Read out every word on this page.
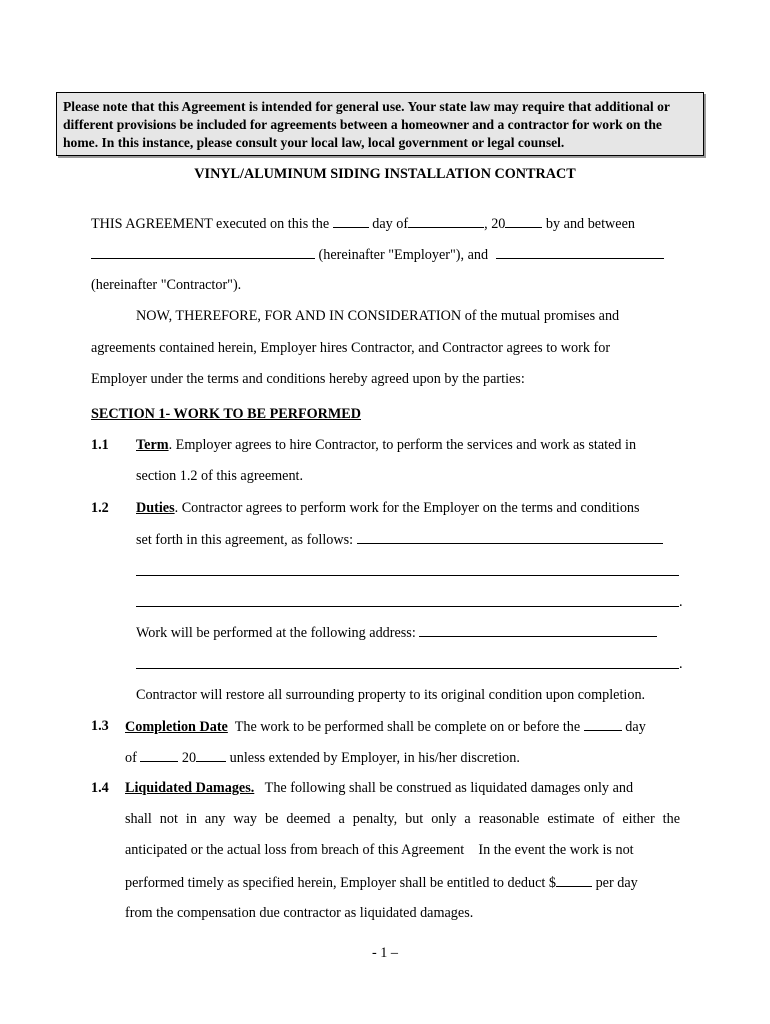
Please note that this Agreement is intended for general use. Your state law may require that additional or different provisions be included for agreements between a homeowner and a contractor for work on the home. In this instance, please consult your local law, local government or legal counsel.
VINYL/ALUMINUM SIDING INSTALLATION CONTRACT
THIS AGREEMENT executed on this the	day of	, 20	by and between
(hereinafter "Employer"), and
(hereinafter "Contractor").
NOW, THEREFORE, FOR AND IN CONSIDERATION of the mutual promises and
agreements contained herein, Employer hires Contractor, and Contractor agrees to work for
Employer under the terms and conditions hereby agreed upon by the parties:
SECTION 1- WORK TO BE PERFORMED
1.1 Term. Employer agrees to hire Contractor, to perform the services and work as stated in
section 1.2 of this agreement.
1.2 Duties. Contractor agrees to perform work for the Employer on the terms and conditions
set forth in this agreement, as follows:
.
Work will be performed at the following address:
.
Contractor will restore all surrounding property to its original condition upon completion.
1.3 Completion Date The work to be performed shall be complete on or before the	day
of	20 unless extended by Employer, in his/her discretion.
1.4 Liquidated Damages. The following shall be construed as liquidated damages only and
shall not in any way be deemed a penalty, but only a reasonable estimate of either the
anticipated or the actual loss from breach of this Agreement    In the event the work is not
performed timely as specified herein, Employer shall be entitled to deduct $	per day
from the compensation due contractor as liquidated damages.
- 1 –
